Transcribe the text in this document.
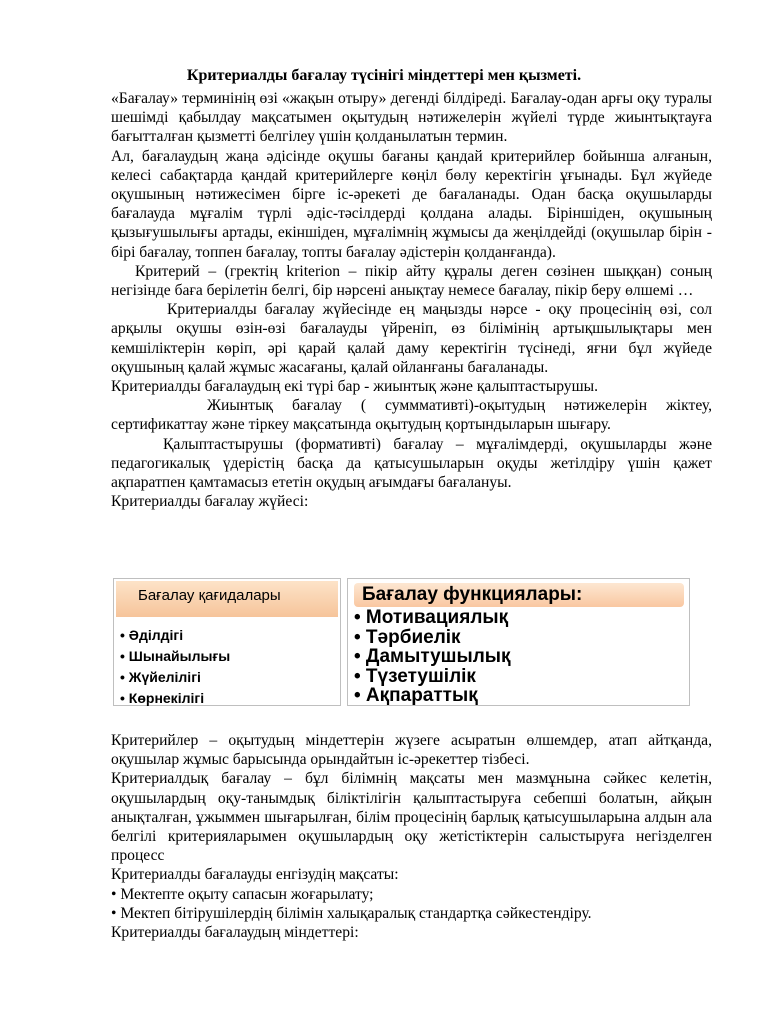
Критериалды бағалау түсінігі міндеттері мен қызметі.

«Бағалау» терминінің өзі «жақын отыру» дегенді білдіреді. Бағалау-одан арғы оқу туралы шешімді қабылдау мақсатымен оқытудың нәтижелерін жүйелі түрде жиынтықтауға бағытталған қызметті белгілеу үшін қолданылатын термин.

Ал, бағалаудың жаңа әдісінде оқушы бағаны қандай критерийлер бойынша алғанын, келесі сабақтарда қандай критерийлерге көңіл бөлу керектігін ұғынады. Бұл жүйеде оқушының нәтижесімен бірге іс-әрекеті де бағаланады. Одан басқа оқушыларды бағалауда мұғалім түрлі әдіс-тәсілдерді қолдана алады. Біріншіден, оқушының қызығушылығы артады, екіншіден, мұғалімнің жұмысы да жеңілдейді (оқушылар бірін - бірі бағалау, топпен бағалау, топты бағалау әдістерін қолданғанда).

Критерий – (гректің kriterion – пікір айту құралы деген сөзінен шыққан) соның негізінде баға берілетін белгі, бір нәрсені анықтау немесе бағалау, пікір беру өлшемі …

Критериалды бағалау жүйесінде ең маңызды нәрсе - оқу процесінің өзі, сол арқылы оқушы өзін-өзі бағалауды үйреніп, өз білімінің артықшылықтары мен кемшіліктерін көріп, әрі қарай қалай даму керектігін түсінеді, яғни бұл жүйеде оқушының қалай жұмыс жасағаны, қалай ойланғаны бағаланады.

Критериалды бағалаудың екі түрі бар - жиынтық және қалыптастырушы.

Жиынтық бағалау ( сумммативті)-оқытудың нәтижелерін жіктеу, сертификаттау және тіркеу мақсатында оқытудың қортындыларын шығару.

Қалыптастырушы (формативті) бағалау – мұғалімдерді, оқушыларды және педагогикалық үдерістің басқа да қатысушыларын оқуды жетілдіру үшін қажет ақпаратпен қамтамасыз ететін оқудың ағымдағы бағалануы.

Критериалды бағалау жүйесі:

Бағалау қағидалары
• Әділдігі
• Шынайылығы
• Жүйелілігі
• Көрнекілігі
Бағалау функциялары:
• Мотивациялық
• Тәрбиелік
• Дамытушылық
• Түзетушілік
• Ақпараттық

Критерийлер – оқытудың міндеттерін жүзеге асыратын өлшемдер, атап айтқанда, оқушылар жұмыс барысында орындайтын іс-әрекеттер тізбесі.

Критериалдық бағалау – бұл білімнің мақсаты мен мазмұнына сәйкес келетін, оқушылардың оқу-танымдық біліктілігін қалыптастыруға себепші болатын, айқын анықталған, ұжыммен шығарылған, білім процесінің барлық қатысушыларына алдын ала белгілі критерияларымен оқушылардың оқу жетістіктерін салыстыруға негізделген процесс

Критериалды бағалауды енгізудің мақсаты:

• Мектепте оқыту сапасын жоғарылату;

• Мектеп бітірушілердің білімін халықаралық стандартқа сәйкестендіру.

Критериалды бағалаудың міндеттері:
